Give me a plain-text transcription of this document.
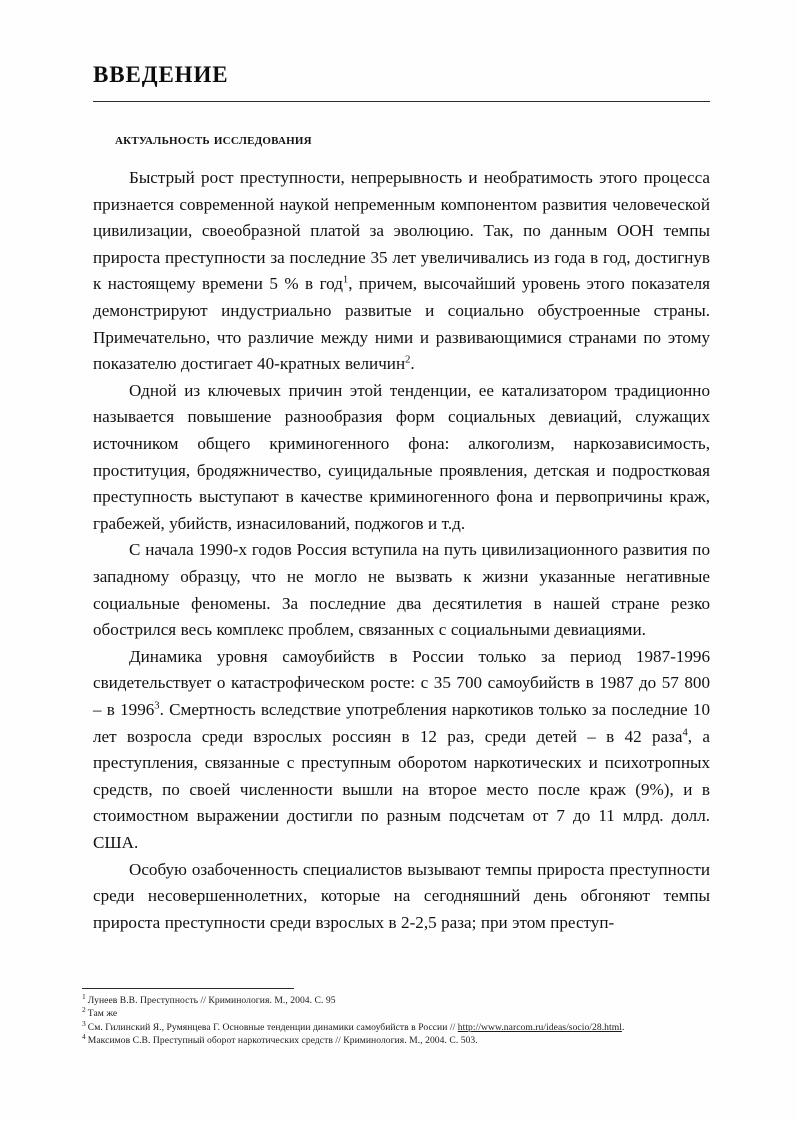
ВВЕДЕНИЕ
актуальность исследования

Быстрый рост преступности, непрерывность и необратимость этого процесса признается современной наукой непременным компонентом развития человеческой цивилизации, своеобразной платой за эволюцию. Так, по данным ООН темпы прироста преступности за последние 35 лет увеличивались из года в год, достигнув к настоящему времени 5 % в год$^1$, причем, высочайший уровень этого показателя демонстрируют индустриально развитые и социально обустроенные страны. Примечательно, что различие между ними и развивающимися странами по этому показателю достигает 40-кратных величин$^2$.

Одной из ключевых причин этой тенденции, ее катализатором традиционно называется повышение разнообразия форм социальных девиаций, служащих источником общего криминогенного фона: алкоголизм, наркозависимость, проституция, бродяжничество, суицидальные проявления, детская и подростковая преступность выступают в качестве криминогенного фона и первопричины краж, грабежей, убийств, изнасилований, поджогов и т.д.

С начала 1990-х годов Россия вступила на путь цивилизационного развития по западному образцу, что не могло не вызвать к жизни указанные негативные социальные феномены. За последние два десятилетия в нашей стране резко обострился весь комплекс проблем, связанных с социальными девиациями.

Динамика уровня самоубийств в России только за период 1987-1996 свидетельствует о катастрофическом росте: с 35 700 самоубийств в 1987 до 57 800 – в 1996$^3$. Смертность вследствие употребления наркотиков только за последние 10 лет возросла среди взрослых россиян в 12 раз, среди детей – в 42 раза$^4$, а преступления, связанные с преступным оборотом наркотических и психотропных средств, по своей численности вышли на второе место после краж (9%), и в стоимостном выражении достигли по разным подсчетам от 7 до 11 млрд. долл. США.

Особую озабоченность специалистов вызывают темпы прироста преступности среди несовершеннолетних, которые на сегодняшний день обгоняют темпы прироста преступности среди взрослых в 2-2,5 раза; при этом преступ-

$^1$ Лунеев В.В. Преступность // Криминология. М., 2004. С. 95

$^2$ Там же

$^3$ См. Гилинский Я., Румянцева Г. Основные тенденции динамики самоубийств в России // http://www.narcom.ru/ideas/socio/28.html.

$^4$ Максимов С.В. Преступный оборот наркотических средств // Криминология. М., 2004. С. 503.
